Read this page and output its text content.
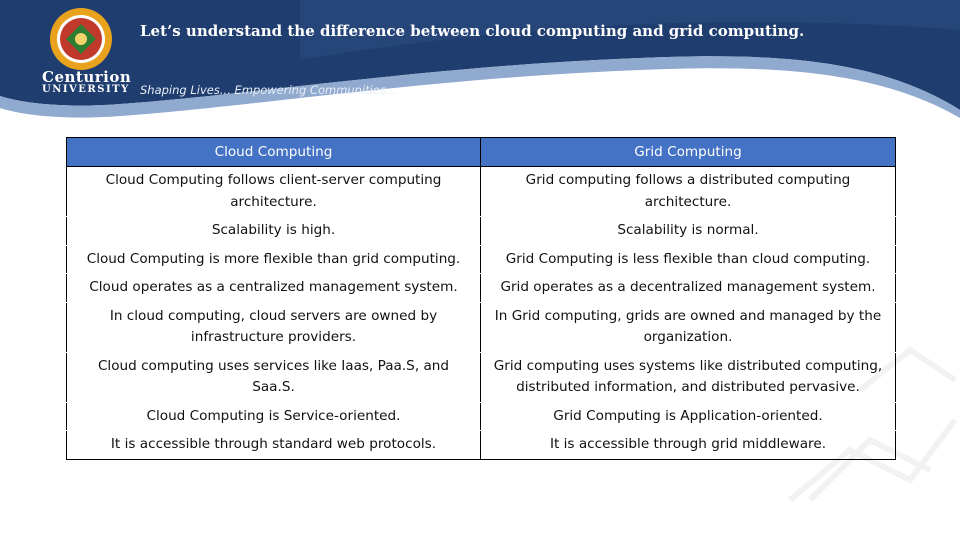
Centurion
UNIVERSITY Shaping Lives... Empowering Communities...
Let’s understand the difference between cloud computing and grid computing.
Cloud Computing	Grid Computing
Cloud Computing follows client-server computing architecture.	Grid computing follows a distributed computing architecture.
Scalability is high.	Scalability is normal.
Cloud Computing is more flexible than grid computing.	Grid Computing is less flexible than cloud computing.
Cloud operates as a centralized management system.	Grid operates as a decentralized management system.
In cloud computing, cloud servers are owned by infrastructure providers.	In Grid computing, grids are owned and managed by the organization.
Cloud computing uses services like Iaas, Paa.S, and Saa.S.	Grid computing uses systems like distributed computing, distributed information, and distributed pervasive.
Cloud Computing is Service-oriented.	Grid Computing is Application-oriented.
It is accessible through standard web protocols.	It is accessible through grid middleware.
